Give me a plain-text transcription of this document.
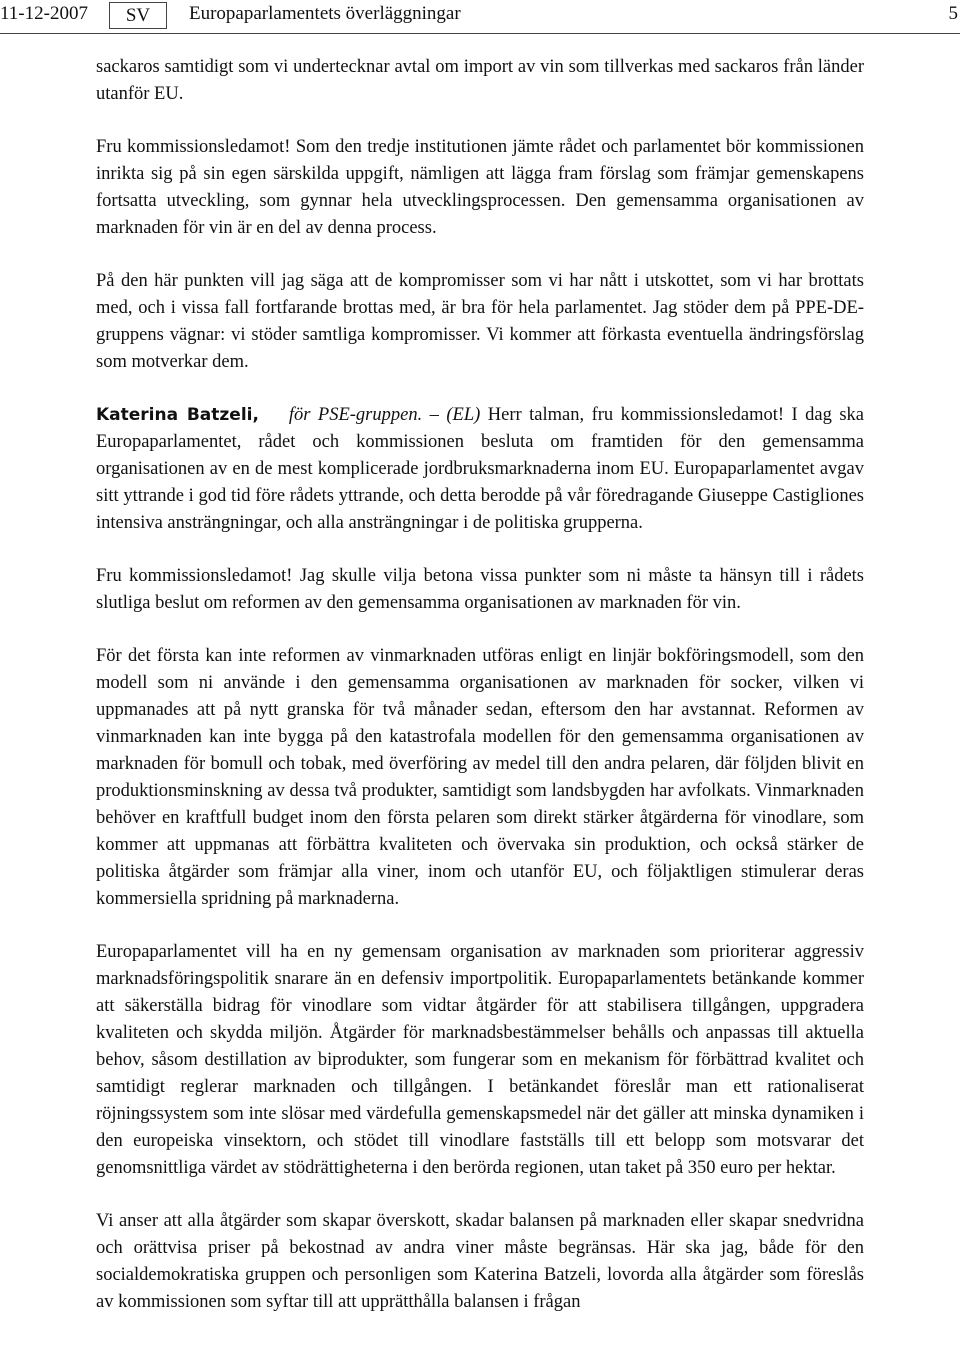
11-12-2007	SV	Europaparlamentets överläggningar	5

sackaros samtidigt som vi undertecknar avtal om import av vin som tillverkas med sackaros från länder utanför EU.

Fru kommissionsledamot! Som den tredje institutionen jämte rådet och parlamentet bör kommissionen inrikta sig på sin egen särskilda uppgift, nämligen att lägga fram förslag som främjar gemenskapens fortsatta utveckling, som gynnar hela utvecklingsprocessen. Den gemensamma organisationen av marknaden för vin är en del av denna process.

På den här punkten vill jag säga att de kompromisser som vi har nått i utskottet, som vi har brottats med, och i vissa fall fortfarande brottas med, är bra för hela parlamentet. Jag stöder dem på PPE-DE-gruppens vägnar: vi stöder samtliga kompromisser. Vi kommer att förkasta eventuella ändringsförslag som motverkar dem.

Katerina Batzeli, för PSE-gruppen. – (EL) Herr talman, fru kommissionsledamot! I dag ska Europaparlamentet, rådet och kommissionen besluta om framtiden för den gemensamma organisationen av en de mest komplicerade jordbruksmarknaderna inom EU. Europaparlamentet avgav sitt yttrande i god tid före rådets yttrande, och detta berodde på vår föredragande Giuseppe Castigliones intensiva ansträngningar, och alla ansträngningar i de politiska grupperna.

Fru kommissionsledamot! Jag skulle vilja betona vissa punkter som ni måste ta hänsyn till i rådets slutliga beslut om reformen av den gemensamma organisationen av marknaden för vin.

För det första kan inte reformen av vinmarknaden utföras enligt en linjär bokföringsmodell, som den modell som ni använde i den gemensamma organisationen av marknaden för socker, vilken vi uppmanades att på nytt granska för två månader sedan, eftersom den har avstannat. Reformen av vinmarknaden kan inte bygga på den katastrofala modellen för den gemensamma organisationen av marknaden för bomull och tobak, med överföring av medel till den andra pelaren, där följden blivit en produktionsminskning av dessa två produkter, samtidigt som landsbygden har avfolkats. Vinmarknaden behöver en kraftfull budget inom den första pelaren som direkt stärker åtgärderna för vinodlare, som kommer att uppmanas att förbättra kvaliteten och övervaka sin produktion, och också stärker de politiska åtgärder som främjar alla viner, inom och utanför EU, och följaktligen stimulerar deras kommersiella spridning på marknaderna.

Europaparlamentet vill ha en ny gemensam organisation av marknaden som prioriterar aggressiv marknadsföringspolitik snarare än en defensiv importpolitik. Europaparlamentets betänkande kommer att säkerställa bidrag för vinodlare som vidtar åtgärder för att stabilisera tillgången, uppgradera kvaliteten och skydda miljön. Åtgärder för marknadsbestämmelser behålls och anpassas till aktuella behov, såsom destillation av biprodukter, som fungerar som en mekanism för förbättrad kvalitet och samtidigt reglerar marknaden och tillgången. I betänkandet föreslår man ett rationaliserat röjningssystem som inte slösar med värdefulla gemenskapsmedel när det gäller att minska dynamiken i den europeiska vinsektorn, och stödet till vinodlare fastställs till ett belopp som motsvarar det genomsnittliga värdet av stödrättigheterna i den berörda regionen, utan taket på 350 euro per hektar.

Vi anser att alla åtgärder som skapar överskott, skadar balansen på marknaden eller skapar snedvridna och orättvisa priser på bekostnad av andra viner måste begränsas. Här ska jag, både för den socialdemokratiska gruppen och personligen som Katerina Batzeli, lovorda alla åtgärder som föreslås av kommissionen som syftar till att upprätthålla balansen i frågan
